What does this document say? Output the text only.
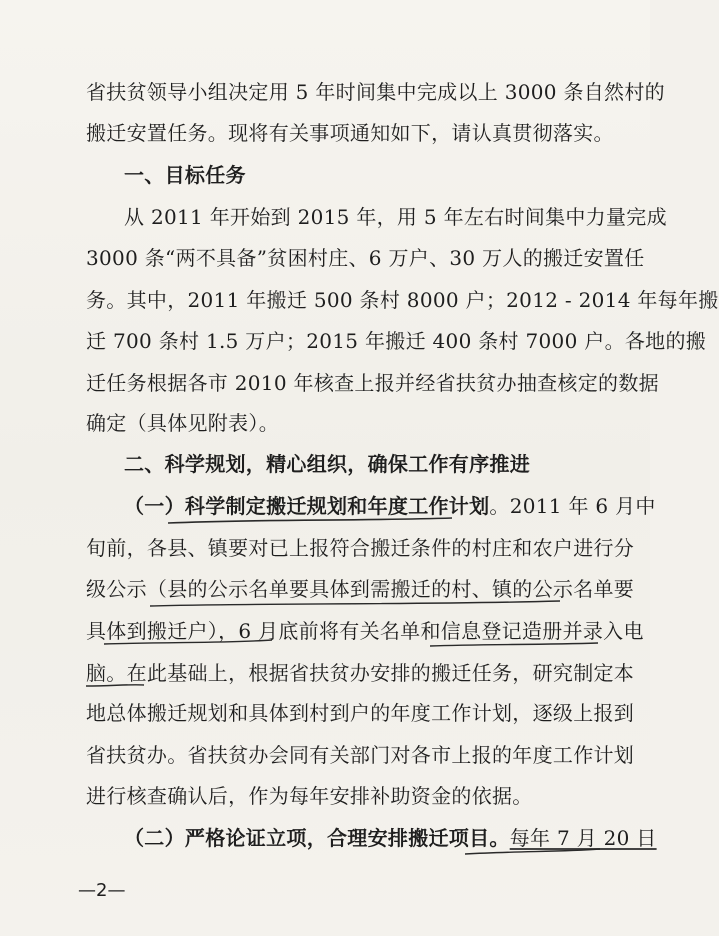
省扶贫领导小组决定用 5 年时间集中完成以上 3000 条自然村的
搬迁安置任务。现将有关事项通知如下，请认真贯彻落实。
一、目标任务
从 2011 年开始到 2015 年，用 5 年左右时间集中力量完成
3000 条“两不具备”贫困村庄、6 万户、30 万人的搬迁安置任
务。其中，2011 年搬迁 500 条村 8000 户；2012 - 2014 年每年搬
迁 700 条村 1.5 万户；2015 年搬迁 400 条村 7000 户。各地的搬
迁任务根据各市 2010 年核查上报并经省扶贫办抽查核定的数据
确定（具体见附表）。
二、科学规划，精心组织，确保工作有序推进
（一）科学制定搬迁规划和年度工作计划。2011 年 6 月中
旬前，各县、镇要对已上报符合搬迁条件的村庄和农户进行分
级公示（县的公示名单要具体到需搬迁的村、镇的公示名单要
具体到搬迁户），6 月底前将有关名单和信息登记造册并录入电
脑。在此基础上，根据省扶贫办安排的搬迁任务，研究制定本
地总体搬迁规划和具体到村到户的年度工作计划，逐级上报到
省扶贫办。省扶贫办会同有关部门对各市上报的年度工作计划
进行核查确认后，作为每年安排补助资金的依据。
（二）严格论证立项，合理安排搬迁项目。每年 7 月 20 日
—2—
